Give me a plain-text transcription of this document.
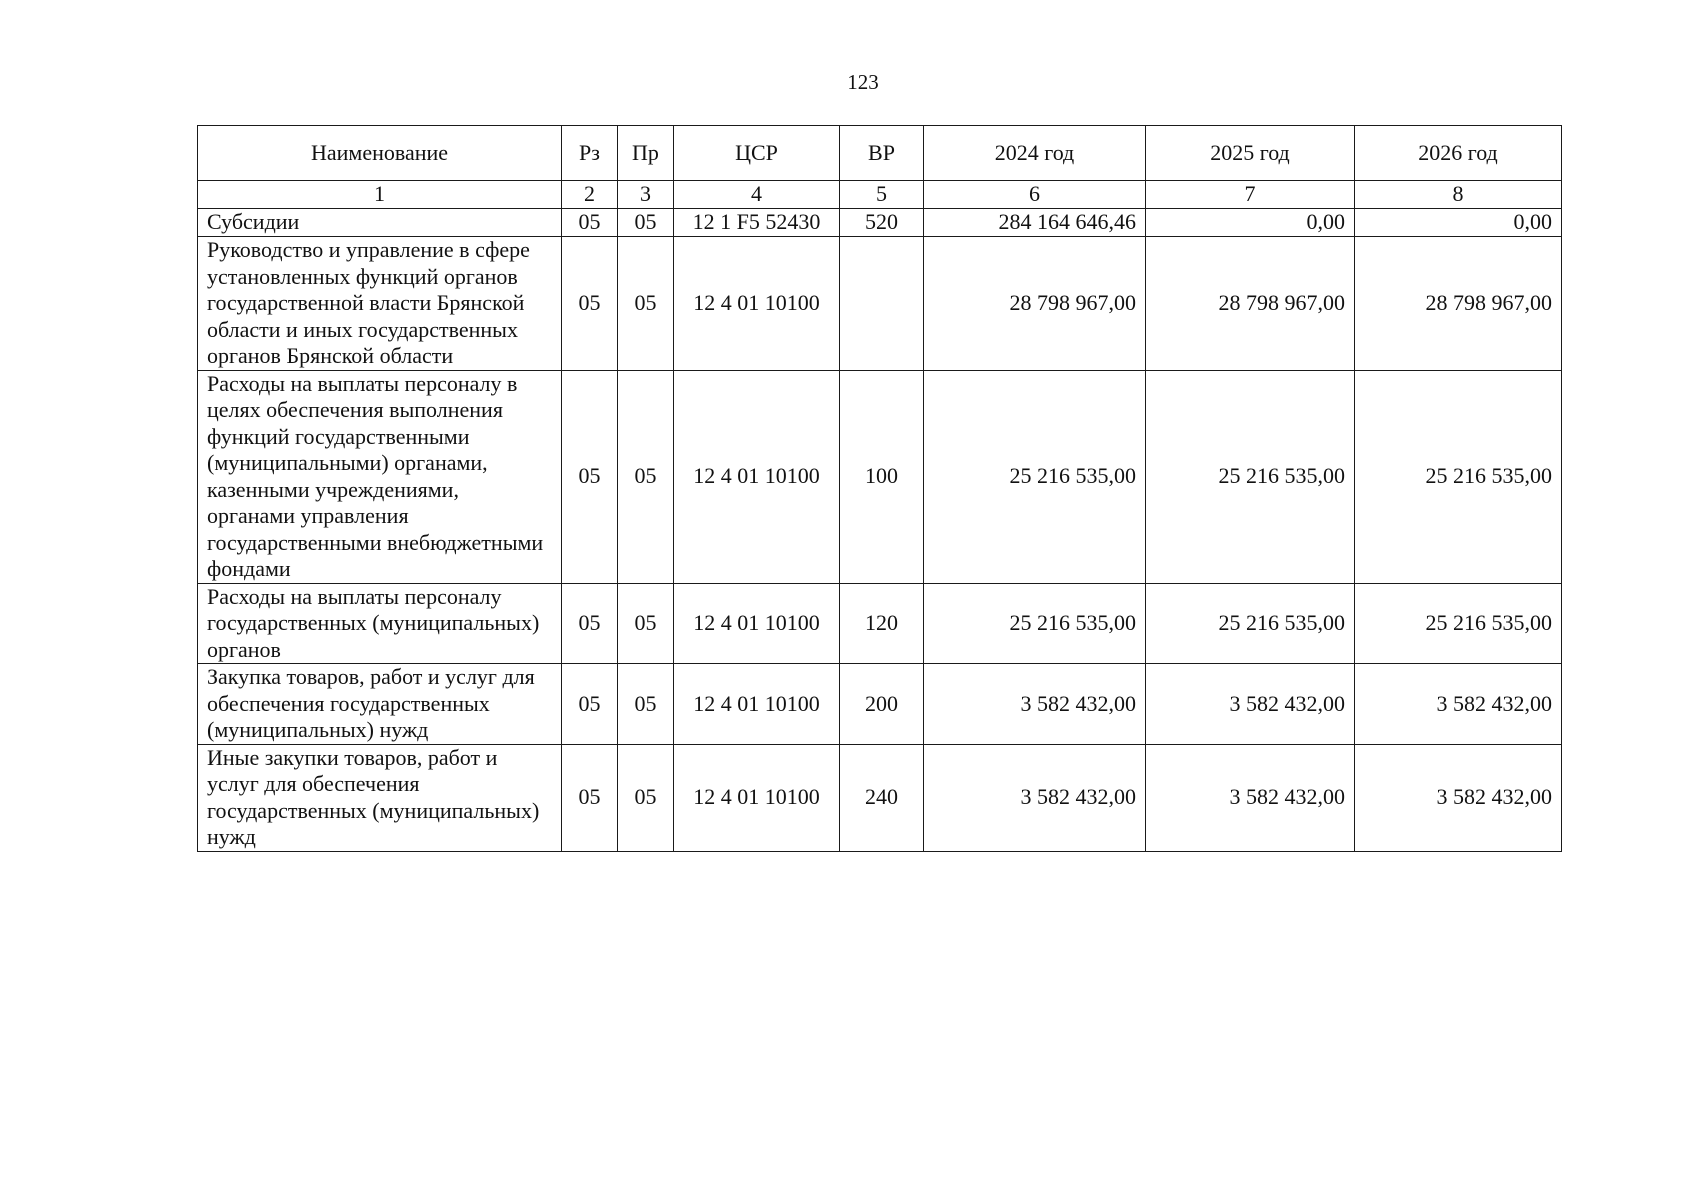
123
Наименование	Рз	Пр	ЦСР	ВР	2024 год	2025 год	2026 год
1	2	3	4	5	6	7	8
Субсидии	05	05	12 1 F5 52430	520	284 164 646,46	0,00	0,00
Руководство и управление в сфере установленных функций органов государственной власти Брянской области и иных государственных органов Брянской области	05	05	12 4 01 10100		28 798 967,00	28 798 967,00	28 798 967,00
Расходы на выплаты персоналу в целях обеспечения выполнения функций государственными (муниципальными) органами, казенными учреждениями, органами управления государственными внебюджетными фондами	05	05	12 4 01 10100	100	25 216 535,00	25 216 535,00	25 216 535,00
Расходы на выплаты персоналу государственных (муниципальных) органов	05	05	12 4 01 10100	120	25 216 535,00	25 216 535,00	25 216 535,00
Закупка товаров, работ и услуг для обеспечения государственных (муниципальных) нужд	05	05	12 4 01 10100	200	3 582 432,00	3 582 432,00	3 582 432,00
Иные закупки товаров, работ и услуг для обеспечения государственных (муниципальных) нужд	05	05	12 4 01 10100	240	3 582 432,00	3 582 432,00	3 582 432,00
